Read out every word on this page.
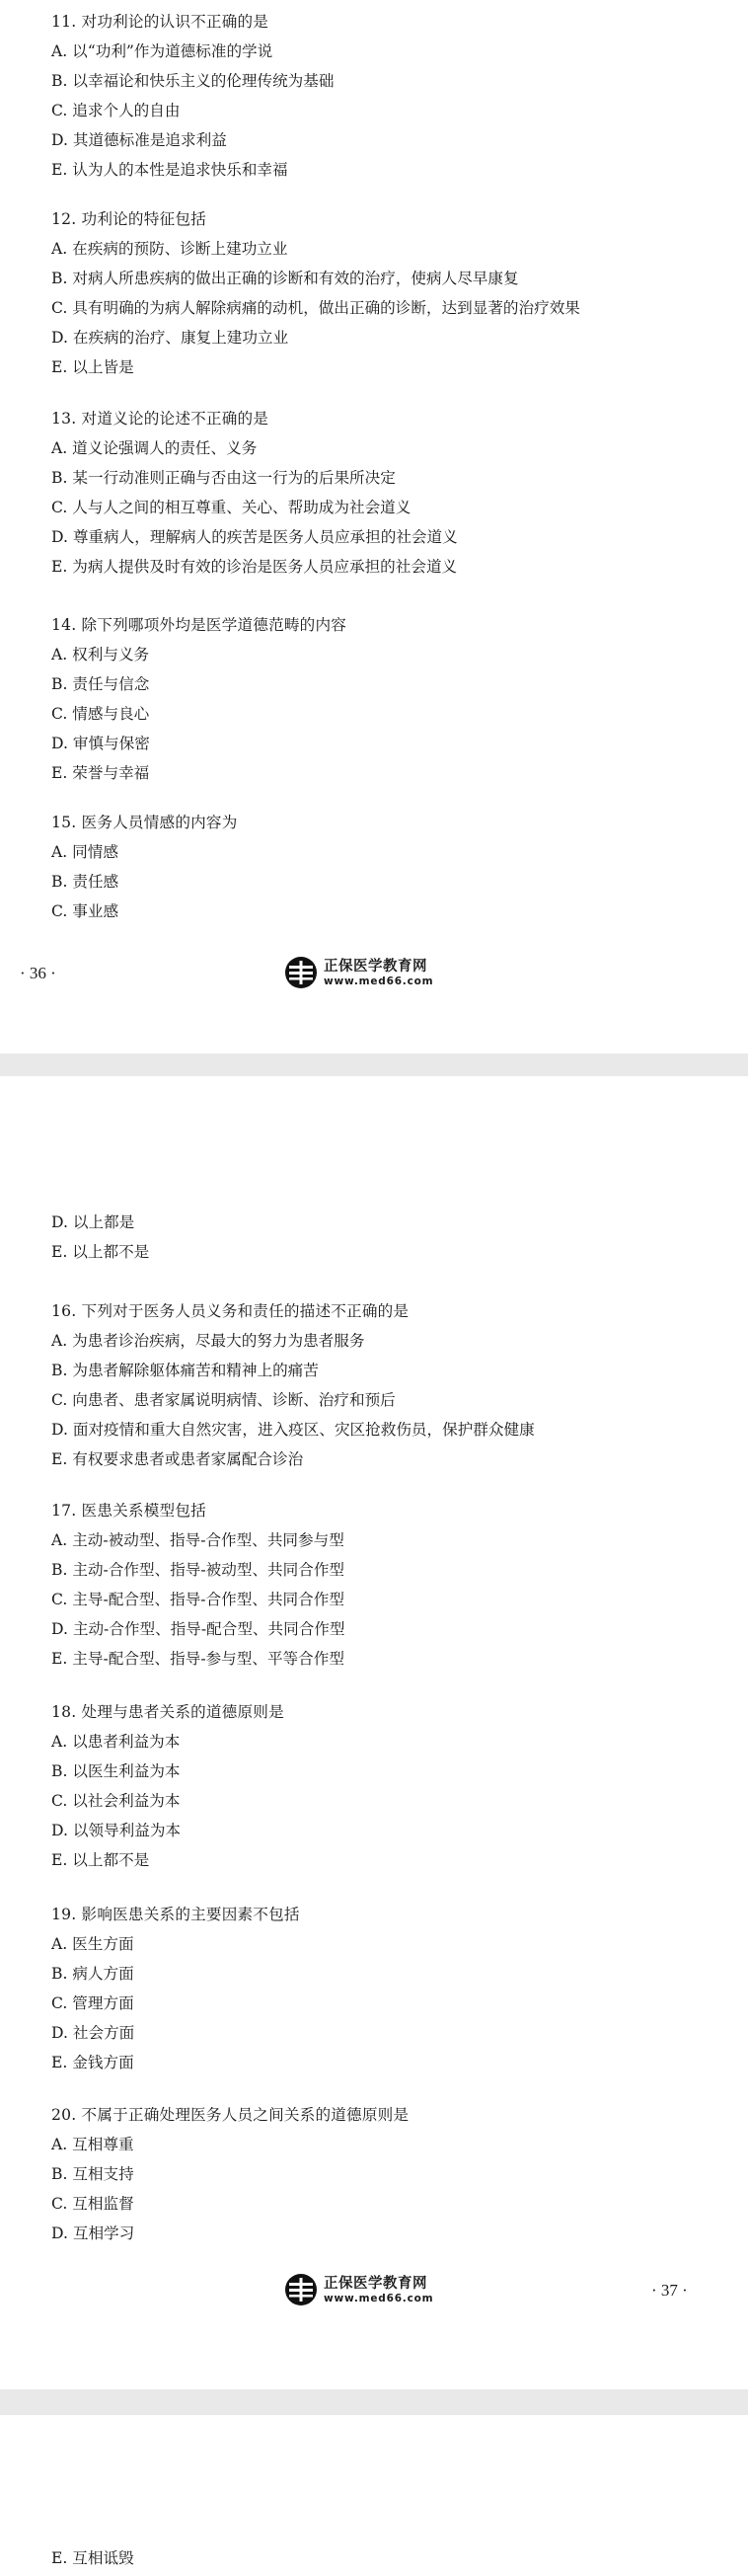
11. 对功利论的认识不正确的是
A. 以“功利”作为道德标准的学说
B. 以幸福论和快乐主义的伦理传统为基础
C. 追求个人的自由
D. 其道德标准是追求利益
E. 认为人的本性是追求快乐和幸福
12. 功利论的特征包括
A. 在疾病的预防、诊断上建功立业
B. 对病人所患疾病的做出正确的诊断和有效的治疗，使病人尽早康复
C. 具有明确的为病人解除病痛的动机，做出正确的诊断，达到显著的治疗效果
D. 在疾病的治疗、康复上建功立业
E. 以上皆是
13. 对道义论的论述不正确的是
A. 道义论强调人的责任、义务
B. 某一行动准则正确与否由这一行为的后果所决定
C. 人与人之间的相互尊重、关心、帮助成为社会道义
D. 尊重病人，理解病人的疾苦是医务人员应承担的社会道义
E. 为病人提供及时有效的诊治是医务人员应承担的社会道义
14. 除下列哪项外均是医学道德范畴的内容
A. 权利与义务
B. 责任与信念
C. 情感与良心
D. 审慎与保密
E. 荣誉与幸福
15. 医务人员情感的内容为
A. 同情感
B. 责任感
C. 事业感
· 36 ·	正保医学教育网
www.med66.com
D. 以上都是
E. 以上都不是
16. 下列对于医务人员义务和责任的描述不正确的是
A. 为患者诊治疾病，尽最大的努力为患者服务
B. 为患者解除躯体痛苦和精神上的痛苦
C. 向患者、患者家属说明病情、诊断、治疗和预后
D. 面对疫情和重大自然灾害，进入疫区、灾区抢救伤员，保护群众健康
E. 有权要求患者或患者家属配合诊治
17. 医患关系模型包括
A. 主动-被动型、指导-合作型、共同参与型
B. 主动-合作型、指导-被动型、共同合作型
C. 主导-配合型、指导-合作型、共同合作型
D. 主动-合作型、指导-配合型、共同合作型
E. 主导-配合型、指导-参与型、平等合作型
18. 处理与患者关系的道德原则是
A. 以患者利益为本
B. 以医生利益为本
C. 以社会利益为本
D. 以领导利益为本
E. 以上都不是
19. 影响医患关系的主要因素不包括
A. 医生方面
B. 病人方面
C. 管理方面
D. 社会方面
E. 金钱方面
20. 不属于正确处理医务人员之间关系的道德原则是
A. 互相尊重
B. 互相支持
C. 互相监督
D. 互相学习
正保医学教育网
www.med66.com	· 37 ·
E. 互相诋毁
